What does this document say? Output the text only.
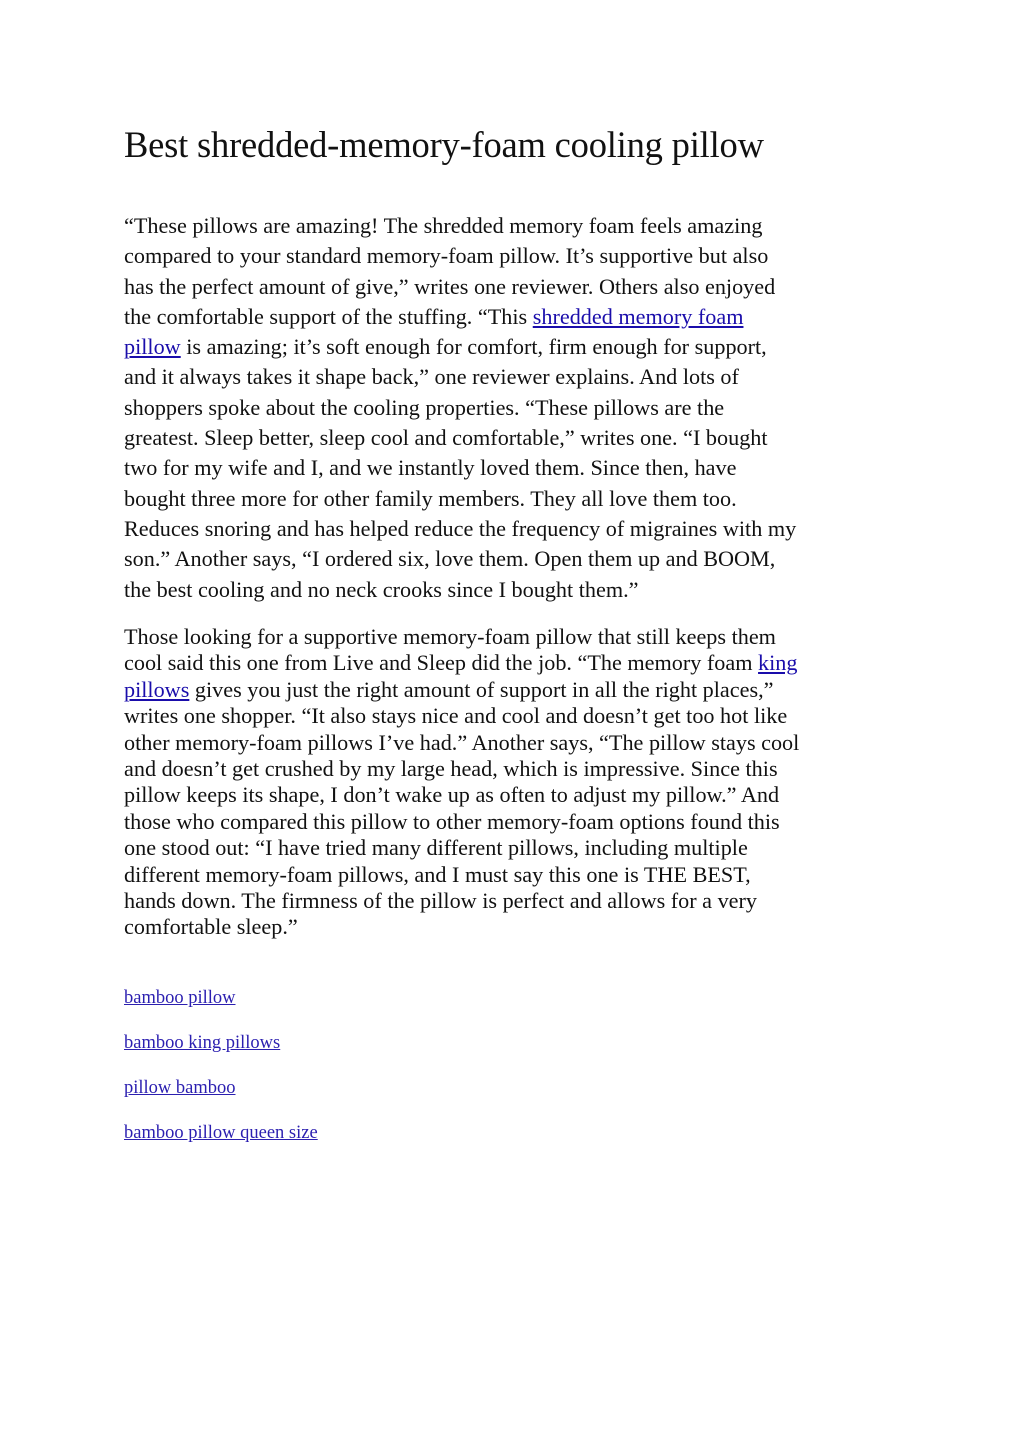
Best shredded-memory-foam cooling pillow

“These pillows are amazing! The shredded memory foam feels amazing
compared to your standard memory-foam pillow. It’s supportive but also
has the perfect amount of give,” writes one reviewer. Others also enjoyed
the comfortable support of the stuffing. “This shredded memory foam
pillow is amazing; it’s soft enough for comfort, firm enough for support,
and it always takes it shape back,” one reviewer explains. And lots of
shoppers spoke about the cooling properties. “These pillows are the
greatest. Sleep better, sleep cool and comfortable,” writes one. “I bought
two for my wife and I, and we instantly loved them. Since then, have
bought three more for other family members. They all love them too.
Reduces snoring and has helped reduce the frequency of migraines with my
son.” Another says, “I ordered six, love them. Open them up and BOOM,
the best cooling and no neck crooks since I bought them.”

Those looking for a supportive memory-foam pillow that still keeps them
cool said this one from Live and Sleep did the job. “The memory foam king
pillows gives you just the right amount of support in all the right places,”
writes one shopper. “It also stays nice and cool and doesn’t get too hot like
other memory-foam pillows I’ve had.” Another says, “The pillow stays cool
and doesn’t get crushed by my large head, which is impressive. Since this
pillow keeps its shape, I don’t wake up as often to adjust my pillow.” And
those who compared this pillow to other memory-foam options found this
one stood out: “I have tried many different pillows, including multiple
different memory-foam pillows, and I must say this one is THE BEST,
hands down. The firmness of the pillow is perfect and allows for a very
comfortable sleep.”

bamboo pillow
bamboo king pillows
pillow bamboo
bamboo pillow queen size
